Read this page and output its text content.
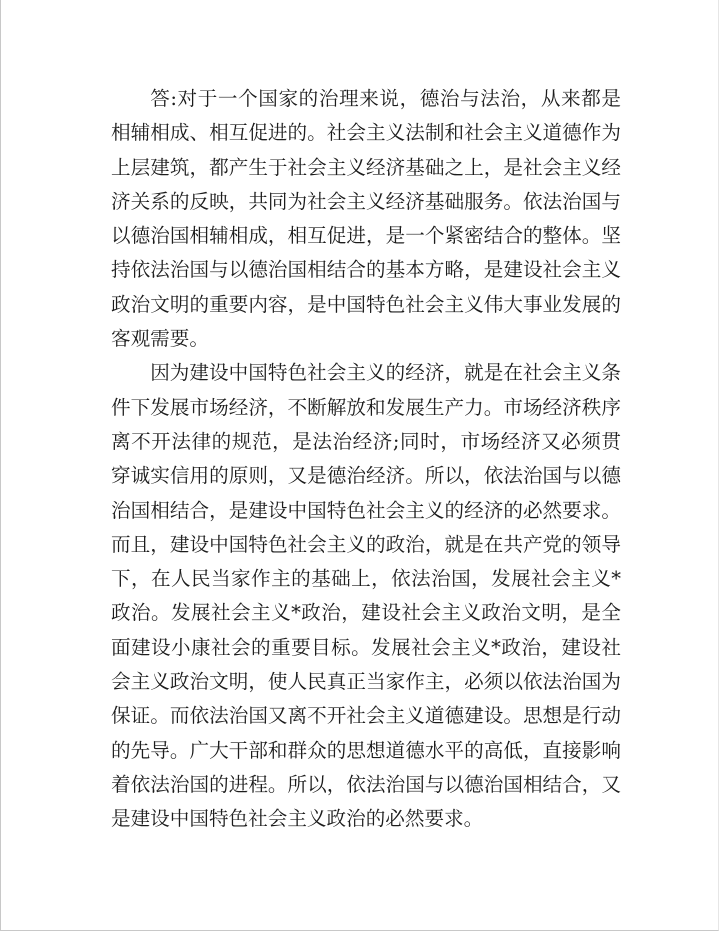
答:对于一个国家的治理来说，德治与法治，从来都是相辅相成、相互促进的。社会主义法制和社会主义道德作为上层建筑，都产生于社会主义经济基础之上，是社会主义经济关系的反映，共同为社会主义经济基础服务。依法治国与以德治国相辅相成，相互促进，是一个紧密结合的整体。坚持依法治国与以德治国相结合的基本方略，是建设社会主义政治文明的重要内容，是中国特色社会主义伟大事业发展的客观需要。

因为建设中国特色社会主义的经济，就是在社会主义条件下发展市场经济，不断解放和发展生产力。市场经济秩序离不开法律的规范，是法治经济;同时，市场经济又必须贯穿诚实信用的原则，又是德治经济。所以，依法治国与以德治国相结合，是建设中国特色社会主义的经济的必然要求。而且，建设中国特色社会主义的政治，就是在共产党的领导下，在人民当家作主的基础上，依法治国，发展社会主义*政治。发展社会主义*政治，建设社会主义政治文明，是全面建设小康社会的重要目标。发展社会主义*政治，建设社会主义政治文明，使人民真正当家作主，必须以依法治国为保证。而依法治国又离不开社会主义道德建设。思想是行动的先导。广大干部和群众的思想道德水平的高低，直接影响着依法治国的进程。所以，依法治国与以德治国相结合，又是建设中国特色社会主义政治的必然要求。
